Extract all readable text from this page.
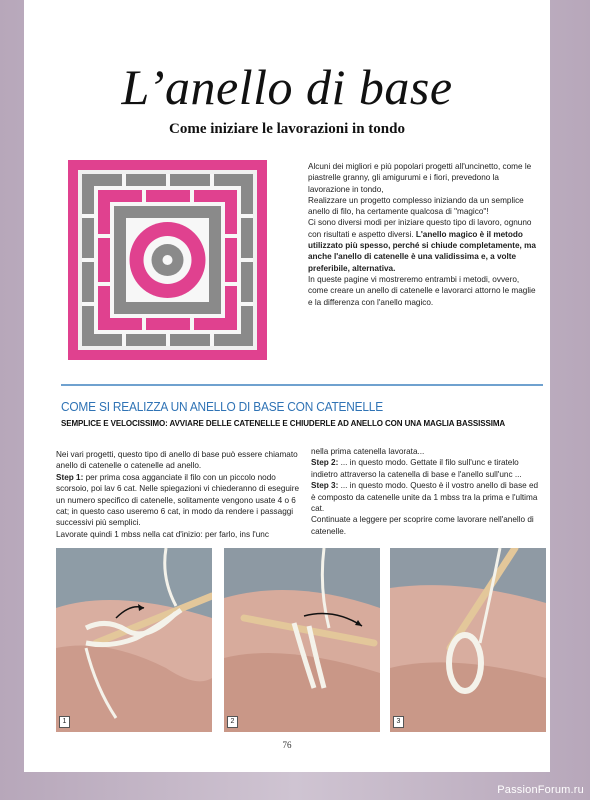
L’anello di base
Come iniziare le lavorazioni in tondo

Alcuni dei migliori e più popolari progetti all'uncinetto, come le piastrelle granny, gli amigurumi e i fiori, prevedono la lavorazione in tondo,

Realizzare un progetto complesso iniziando da un semplice anello di filo, ha certamente qualcosa di "magico"!

Ci sono diversi modi per iniziare questo tipo di lavoro, ognuno con risultati e aspetto diversi. L'anello magico è il metodo utilizzato più spesso, perché si chiude completamente, ma anche l'anello di catenelle è una validissima e, a volte preferibile, alternativa.

In queste pagine vi mostreremo entrambi i metodi, ovvero, come creare un anello di catenelle e lavorarci attorno le maglie e la differenza con l'anello magico.

COME SI REALIZZA UN ANELLO DI BASE CON CATENELLE
SEMPLICE E VELOCISSIMO: AVVIARE DELLE CATENELLE E CHIUDERLE AD ANELLO CON UNA MAGLIA BASSISSIMA

Nei vari progetti, questo tipo di anello di base può essere chiamato anello di catenelle o catenelle ad anello.

Step 1: per prima cosa agganciate il filo con un piccolo nodo scorsoio, poi lav 6 cat. Nelle spiegazioni vi chiederanno di eseguire un numero specifico di catenelle, solitamente vengono usate 4 o 6 cat; in questo caso useremo 6 cat, in modo da rendere i passaggi successivi più semplici.

Lavorate quindi 1 mbss nella cat d'inizio: per farlo, ins l'unc

nella prima catenella lavorata...

Step 2: ... in questo modo. Gettate il filo sull'unc e tiratelo indietro attraverso la catenella di base e l'anello sull'unc ...

Step 3: ... in questo modo. Questo è il vostro anello di base ed è composto da catenelle unite da 1 mbss tra la prima e l'ultima cat.

Continuate a leggere per scoprire come lavorare nell'anello di catenelle.

1	2	3
76
PassionForum.ru
